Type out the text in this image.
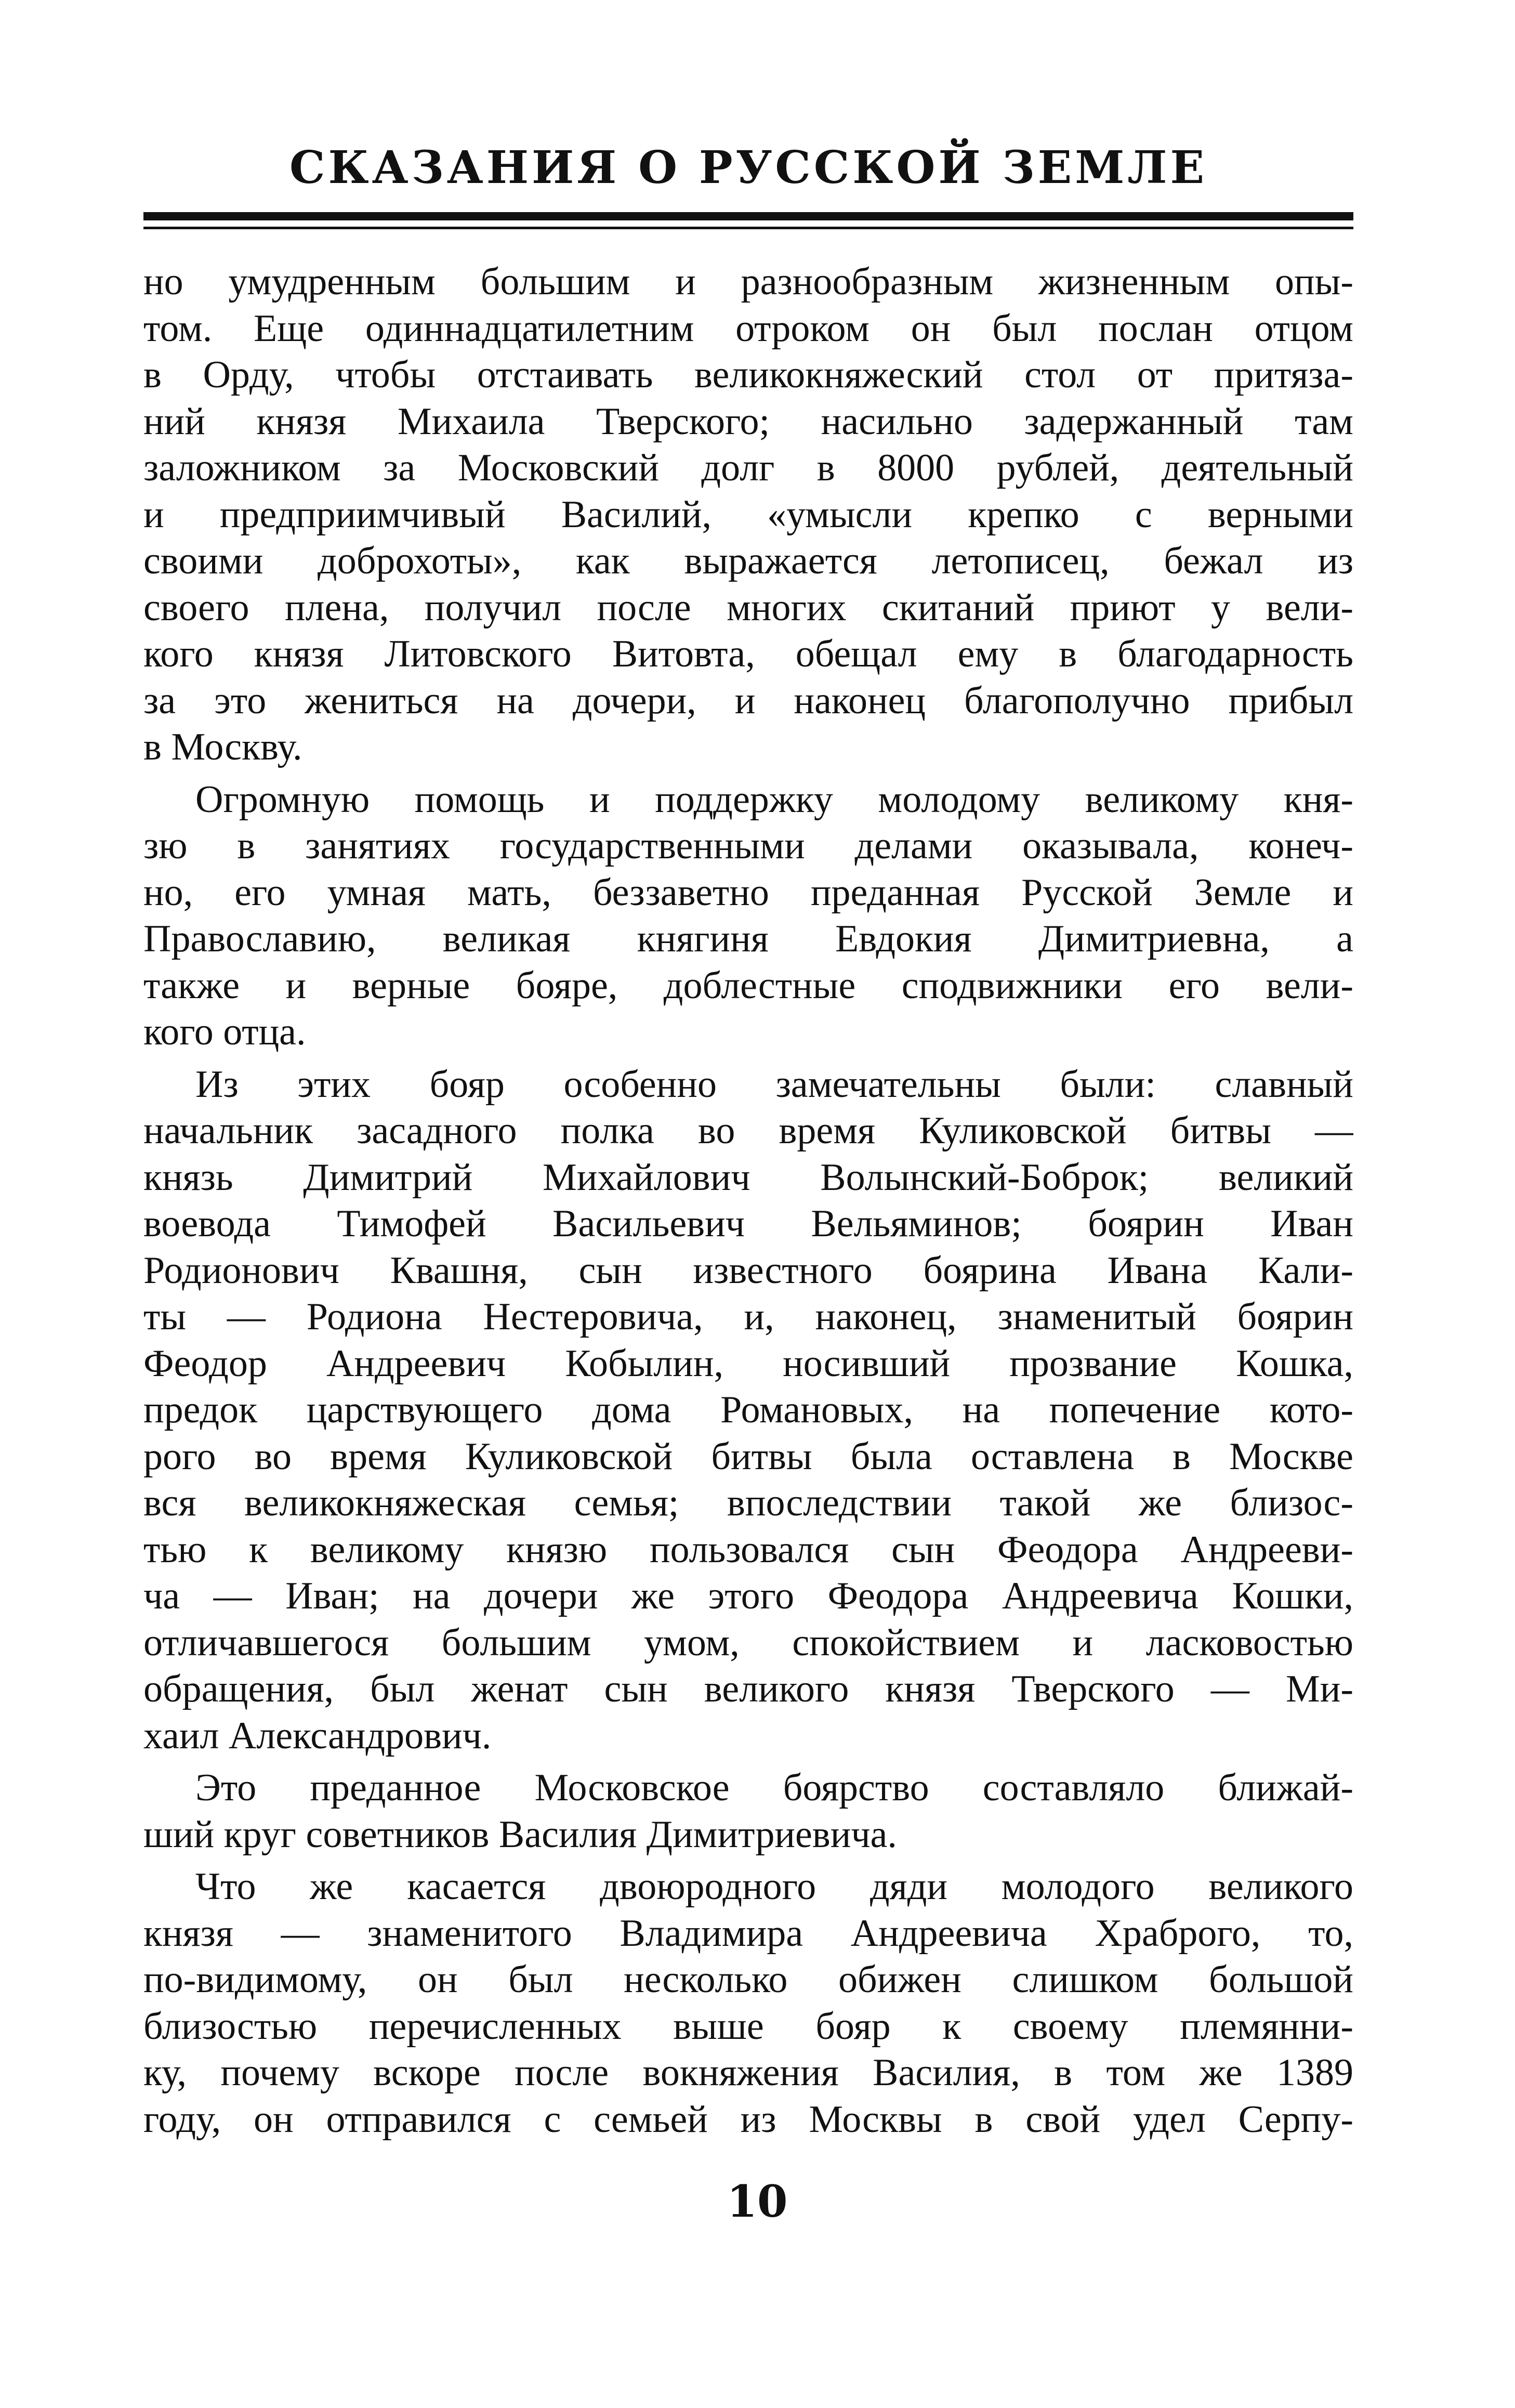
СКАЗАНИЯ О РУССКОЙ ЗЕМЛЕ
но умудренным большим и разнообразным жизненным опы-
том. Еще одиннадцатилетним отроком он был послан отцом
в Орду, чтобы отстаивать великокняжеский стол от притяза-
ний князя Михаила Тверского; насильно задержанный там
заложником за Московский долг в 8000 рублей, деятельный
и предприимчивый Василий, «умысли крепко с верными
своими доброхоты», как выражается летописец, бежал из
своего плена, получил после многих скитаний приют у вели-
кого князя Литовского Витовта, обещал ему в благодарность
за это жениться на дочери, и наконец благополучно прибыл
в Москву.
Огромную помощь и поддержку молодому великому кня-
зю в занятиях государственными делами оказывала, конеч-
но, его умная мать, беззаветно преданная Русской Земле и
Православию, великая княгиня Евдокия Димитриевна, а
также и верные бояре, доблестные сподвижники его вели-
кого отца.
Из этих бояр особенно замечательны были: славный
начальник засадного полка во время Куликовской битвы —
князь Димитрий Михайлович Волынский-Боброк; великий
воевода Тимофей Васильевич Вельяминов; боярин Иван
Родионович Квашня, сын известного боярина Ивана Кали-
ты — Родиона Нестеровича, и, наконец, знаменитый боярин
Феодор Андреевич Кобылин, носивший прозвание Кошка,
предок царствующего дома Романовых, на попечение кото-
рого во время Куликовской битвы была оставлена в Москве
вся великокняжеская семья; впоследствии такой же близос-
тью к великому князю пользовался сын Феодора Андрееви-
ча — Иван; на дочери же этого Феодора Андреевича Кошки,
отличавшегося большим умом, спокойствием и ласковостью
обращения, был женат сын великого князя Тверского — Ми-
хаил Александрович.
Это преданное Московское боярство составляло ближай-
ший круг советников Василия Димитриевича.
Что же касается двоюродного дяди молодого великого
князя — знаменитого Владимира Андреевича Храброго, то,
по-видимому, он был несколько обижен слишком большой
близостью перечисленных выше бояр к своему племянни-
ку, почему вскоре после вокняжения Василия, в том же 1389
году, он отправился с семьей из Москвы в свой удел Серпу-
10
